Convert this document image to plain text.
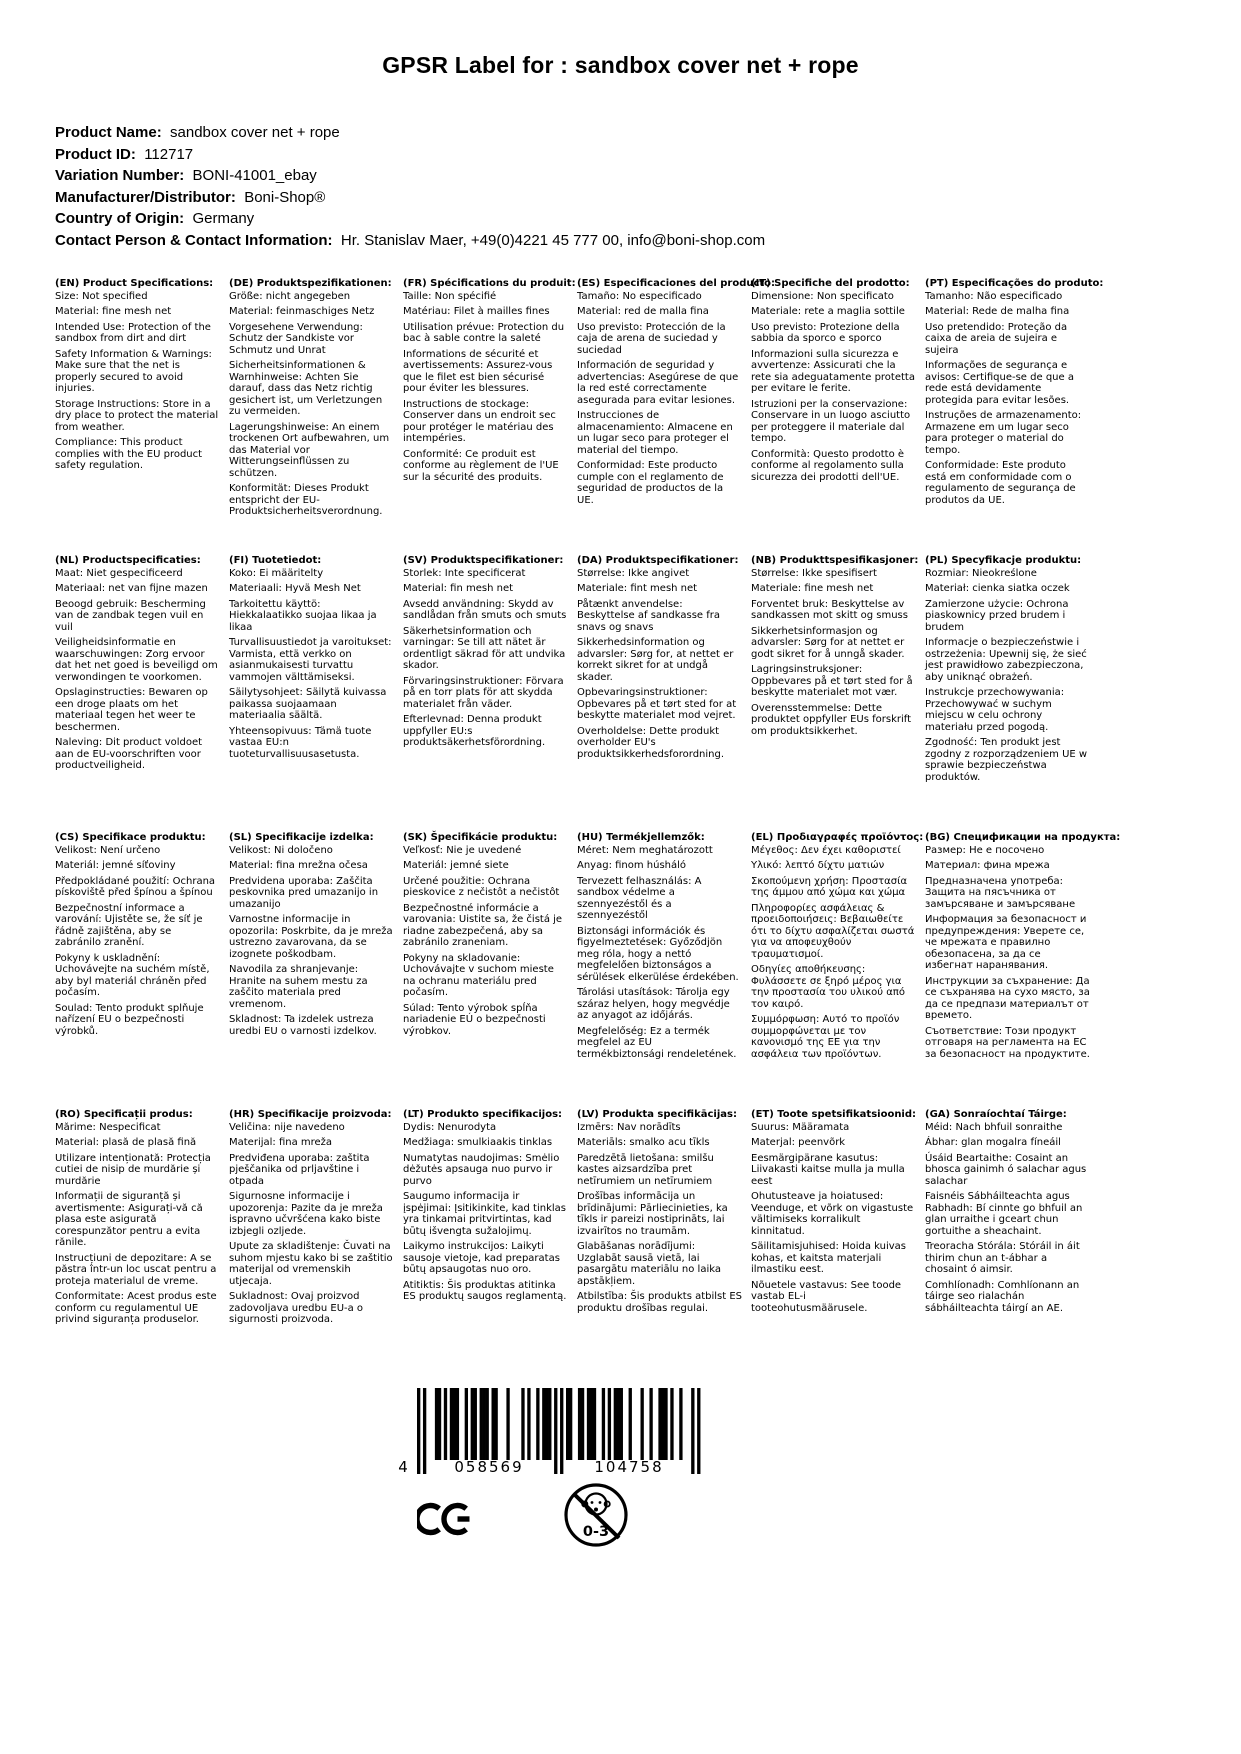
GPSR Label for : sandbox cover net + rope
Product Name: sandbox cover net + rope
Product ID: 112717
Variation Number: BONI-41001_ebay
Manufacturer/Distributor: Boni-Shop®
Country of Origin: Germany
Contact Person & Contact Information: Hr. Stanislav Maer, +49(0)4221 45 777 00, info@boni-shop.com
(EN) Product Specifications:

Size: Not specified

Material: fine mesh net

Intended Use: Protection of the sandbox from dirt and dirt

Safety Information & Warnings: Make sure that the net is properly secured to avoid injuries.

Storage Instructions: Store in a dry place to protect the material from weather.

Compliance: This product complies with the EU product safety regulation.

(DE) Produktspezifikationen:

Größe: nicht angegeben

Material: feinmaschiges Netz

Vorgesehene Verwendung: Schutz der Sandkiste vor Schmutz und Unrat

Sicherheitsinformationen & Warnhinweise: Achten Sie darauf, dass das Netz richtig gesichert ist, um Verletzungen zu vermeiden.

Lagerungshinweise: An einem trockenen Ort aufbewahren, um das Material vor Witterungseinflüssen zu schützen.

Konformität: Dieses Produkt entspricht der EU-Produktsicherheitsverordnung.

(FR) Spécifications du produit:

Taille: Non spécifié

Matériau: Filet à mailles fines

Utilisation prévue: Protection du bac à sable contre la saleté

Informations de sécurité et avertissements: Assurez-vous que le filet est bien sécurisé pour éviter les blessures.

Instructions de stockage: Conserver dans un endroit sec pour protéger le matériau des intempéries.

Conformité: Ce produit est conforme au règlement de l'UE sur la sécurité des produits.

(ES) Especificaciones del producto:

Tamaño: No especificado

Material: red de malla fina

Uso previsto: Protección de la caja de arena de suciedad y suciedad

Información de seguridad y advertencias: Asegúrese de que la red esté correctamente asegurada para evitar lesiones.

Instrucciones de almacenamiento: Almacene en un lugar seco para proteger el material del tiempo.

Conformidad: Este producto cumple con el reglamento de seguridad de productos de la UE.

(IT) Specifiche del prodotto:

Dimensione: Non specificato

Materiale: rete a maglia sottile

Uso previsto: Protezione della sabbia da sporco e sporco

Informazioni sulla sicurezza e avvertenze: Assicurati che la rete sia adeguatamente protetta per evitare le ferite.

Istruzioni per la conservazione: Conservare in un luogo asciutto per proteggere il materiale dal tempo.

Conformità: Questo prodotto è conforme al regolamento sulla sicurezza dei prodotti dell'UE.

(PT) Especificações do produto:

Tamanho: Não especificado

Material: Rede de malha fina

Uso pretendido: Proteção da caixa de areia de sujeira e sujeira

Informações de segurança e avisos: Certifique-se de que a rede está devidamente protegida para evitar lesões.

Instruções de armazenamento: Armazene em um lugar seco para proteger o material do tempo.

Conformidade: Este produto está em conformidade com o regulamento de segurança de produtos da UE.

(NL) Productspecificaties:

Maat: Niet gespecificeerd

Materiaal: net van fijne mazen

Beoogd gebruik: Bescherming van de zandbak tegen vuil en vuil

Veiligheidsinformatie en waarschuwingen: Zorg ervoor dat het net goed is beveiligd om verwondingen te voorkomen.

Opslaginstructies: Bewaren op een droge plaats om het materiaal tegen het weer te beschermen.

Naleving: Dit product voldoet aan de EU-voorschriften voor productveiligheid.

(FI) Tuotetiedot:

Koko: Ei määritelty

Materiaali: Hyvä Mesh Net

Tarkoitettu käyttö: Hiekkalaatikko suojaa likaa ja likaa

Turvallisuustiedot ja varoitukset: Varmista, että verkko on asianmukaisesti turvattu vammojen välttämiseksi.

Säilytysohjeet: Säilytä kuivassa paikassa suojaamaan materiaalia säältä.

Yhteensopivuus: Tämä tuote vastaa EU:n tuoteturvallisuusasetusta.

(SV) Produktspecifikationer:

Storlek: Inte specificerat

Material: fin mesh net

Avsedd användning: Skydd av sandlådan från smuts och smuts

Säkerhetsinformation och varningar: Se till att nätet är ordentligt säkrad för att undvika skador.

Förvaringsinstruktioner: Förvara på en torr plats för att skydda materialet från väder.

Efterlevnad: Denna produkt uppfyller EU:s produktsäkerhetsförordning.

(DA) Produktspecifikationer:

Størrelse: Ikke angivet

Materiale: fint mesh net

Påtænkt anvendelse: Beskyttelse af sandkasse fra snavs og snavs

Sikkerhedsinformation og advarsler: Sørg for, at nettet er korrekt sikret for at undgå skader.

Opbevaringsinstruktioner: Opbevares på et tørt sted for at beskytte materialet mod vejret.

Overholdelse: Dette produkt overholder EU's produktsikkerhedsforordning.

(NB) Produkttspesifikasjoner:

Størrelse: Ikke spesifisert

Materiale: fine mesh net

Forventet bruk: Beskyttelse av sandkassen mot skitt og smuss

Sikkerhetsinformasjon og advarsler: Sørg for at nettet er godt sikret for å unngå skader.

Lagringsinstruksjoner: Oppbevares på et tørt sted for å beskytte materialet mot vær.

Overensstemmelse: Dette produktet oppfyller EUs forskrift om produktsikkerhet.

(PL) Specyfikacje produktu:

Rozmiar: Nieokreślone

Materiał: cienka siatka oczek

Zamierzone użycie: Ochrona piaskownicy przed brudem i brudem

Informacje o bezpieczeństwie i ostrzeżenia: Upewnij się, że sieć jest prawidłowo zabezpieczona, aby uniknąć obrażeń.

Instrukcje przechowywania: Przechowywać w suchym miejscu w celu ochrony materiału przed pogodą.

Zgodność: Ten produkt jest zgodny z rozporządzeniem UE w sprawie bezpieczeństwa produktów.

(CS) Specifikace produktu:

Velikost: Není určeno

Materiál: jemné síťoviny

Předpokládané použití: Ochrana pískoviště před špínou a špínou

Bezpečnostní informace a varování: Ujistěte se, že síť je řádně zajištěna, aby se zabránilo zranění.

Pokyny k uskladnění: Uchovávejte na suchém místě, aby byl materiál chráněn před počasím.

Soulad: Tento produkt splňuje nařízení EU o bezpečnosti výrobků.

(SL) Specifikacije izdelka:

Velikost: Ni določeno

Material: fina mrežna očesa

Predvidena uporaba: Zaščita peskovnika pred umazanijo in umazanijo

Varnostne informacije in opozorila: Poskrbite, da je mreža ustrezno zavarovana, da se izognete poškodbam.

Navodila za shranjevanje: Hranite na suhem mestu za zaščito materiala pred vremenom.

Skladnost: Ta izdelek ustreza uredbi EU o varnosti izdelkov.

(SK) Špecifikácie produktu:

Veľkosť: Nie je uvedené

Materiál: jemné siete

Určené použitie: Ochrana pieskovice z nečistôt a nečistôt

Bezpečnostné informácie a varovania: Uistite sa, že čistá je riadne zabezpečená, aby sa zabránilo zraneniam.

Pokyny na skladovanie: Uchovávajte v suchom mieste na ochranu materiálu pred počasím.

Súlad: Tento výrobok spĺňa nariadenie EÚ o bezpečnosti výrobkov.

(HU) Termékjellemzők:

Méret: Nem meghatározott

Anyag: finom húsháló

Tervezett felhasználás: A sandbox védelme a szennyezéstől és a szennyezéstől

Biztonsági információk és figyelmeztetések: Győződjön meg róla, hogy a nettó megfelelően biztonságos a sérülések elkerülése érdekében.

Tárolási utasítások: Tárolja egy száraz helyen, hogy megvédje az anyagot az időjárás.

Megfelelőség: Ez a termék megfelel az EU termékbiztonsági rendeletének.

(EL) Προδιαγραφές προϊόντος:

Μέγεθος: Δεν έχει καθοριστεί

Υλικό: λεπτό δίχτυ ματιών

Σκοπούμενη χρήση: Προστασία της άμμου από χώμα και χώμα

Πληροφορίες ασφάλειας & προειδοποιήσεις: Βεβαιωθείτε ότι το δίχτυ ασφαλίζεται σωστά για να αποφευχθούν τραυματισμοί.

Οδηγίες αποθήκευσης: Φυλάσσετε σε ξηρό μέρος για την προστασία του υλικού από τον καιρό.

Συμμόρφωση: Αυτό το προϊόν συμμορφώνεται με τον κανονισμό της ΕΕ για την ασφάλεια των προϊόντων.

(BG) Спецификации на продукта:

Размер: Не е посочено

Материал: фина мрежа

Предназначена употреба: Защита на пясъчника от замърсяване и замърсяване

Информация за безопасност и предупреждения: Уверете се, че мрежата е правилно обезопасена, за да се избегнат наранявания.

Инструкции за съхранение: Да се съхранява на сухо място, за да се предпази материалът от времето.

Съответствие: Този продукт отговаря на регламента на ЕС за безопасност на продуктите.

(RO) Specificații produs:

Mărime: Nespecificat

Material: plasă de plasă fină

Utilizare intenționată: Protecția cutiei de nisip de murdărie și murdărie

Informații de siguranță și avertismente: Asigurați-vă că plasa este asigurată corespunzător pentru a evita rănile.

Instrucțiuni de depozitare: A se păstra într-un loc uscat pentru a proteja materialul de vreme.

Conformitate: Acest produs este conform cu regulamentul UE privind siguranța produselor.

(HR) Specifikacije proizvoda:

Veličina: nije navedeno

Materijal: fina mreža

Predviđena uporaba: zaštita pješčanika od prljavštine i otpada

Sigurnosne informacije i upozorenja: Pazite da je mreža ispravno učvršćena kako biste izbjegli ozljede.

Upute za skladištenje: Čuvati na suhom mjestu kako bi se zaštitio materijal od vremenskih utjecaja.

Sukladnost: Ovaj proizvod zadovoljava uredbu EU-a o sigurnosti proizvoda.

(LT) Produkto specifikacijos:

Dydis: Nenurodyta

Medžiaga: smulkiaakis tinklas

Numatytas naudojimas: Smėlio dėžutės apsauga nuo purvo ir purvo

Saugumo informacija ir įspėjimai: Įsitikinkite, kad tinklas yra tinkamai pritvirtintas, kad būtų išvengta sužalojimų.

Laikymo instrukcijos: Laikyti sausoje vietoje, kad preparatas būtų apsaugotas nuo oro.

Atitiktis: Šis produktas atitinka ES produktų saugos reglamentą.

(LV) Produkta specifikācijas:

Izmērs: Nav norādīts

Materiāls: smalko acu tīkls

Paredzētā lietošana: smilšu kastes aizsardzība pret netīrumiem un netīrumiem

Drošības informācija un brīdinājumi: Pārliecinieties, ka tīkls ir pareizi nostiprināts, lai izvairītos no traumām.

Glabāšanas norādījumi: Uzglabāt sausā vietā, lai pasargātu materiālu no laika apstākļiem.

Atbilstība: Šis produkts atbilst ES produktu drošības regulai.

(ET) Toote spetsifikatsioonid:

Suurus: Määramata

Materjal: peenvõrk

Eesmärgipärane kasutus: Liivakasti kaitse mulla ja mulla eest

Ohutusteave ja hoiatused: Veenduge, et võrk on vigastuste vältimiseks korralikult kinnitatud.

Säilitamisjuhised: Hoida kuivas kohas, et kaitsta materjali ilmastiku eest.

Nõuetele vastavus: See toode vastab EL-i tooteohutusmäärusele.

(GA) Sonraíochtaí Táirge:

Méid: Nach bhfuil sonraithe

Ábhar: glan mogalra fíneáil

Úsáid Beartaithe: Cosaint an bhosca gainimh ó salachar agus salachar

Faisnéis Sábháilteachta agus Rabhadh: Bí cinnte go bhfuil an glan urraithe i gceart chun gortuithe a sheachaint.

Treoracha Stórála: Stóráil in áit thirim chun an t-ábhar a chosaint ó aimsir.

Comhlíonadh: Comhlíonann an táirge seo rialachán sábháilteachta táirgí an AE.

4	058569	104758
0-3
